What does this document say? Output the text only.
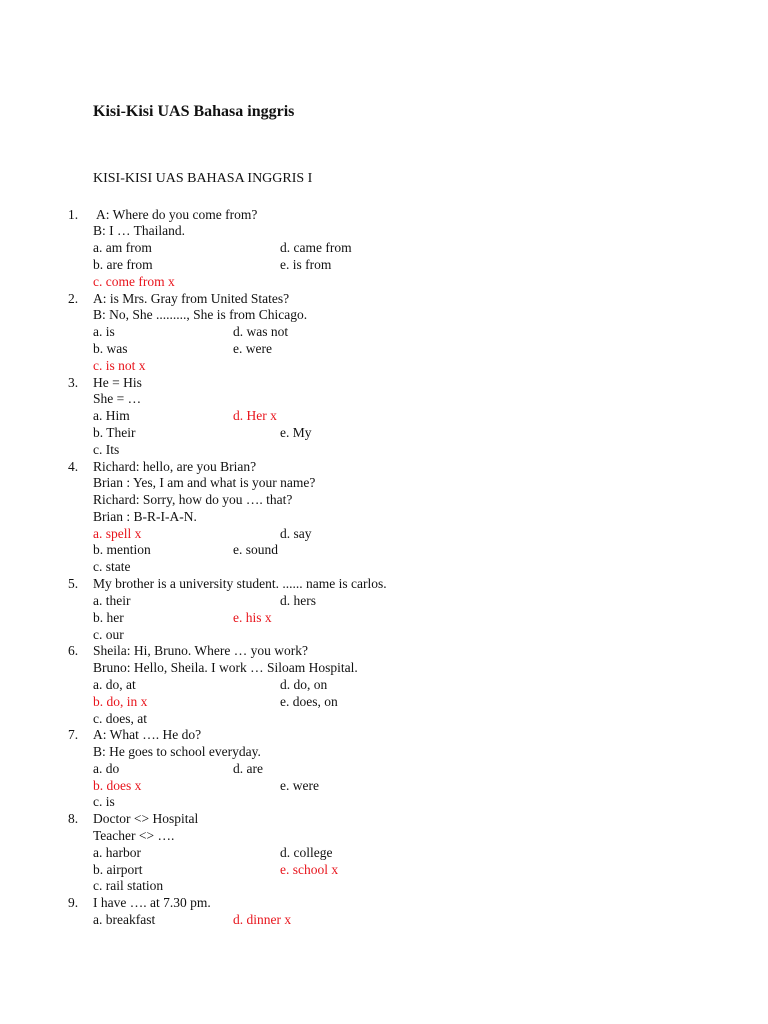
Kisi-Kisi UAS Bahasa inggris
KISI-KISI UAS BAHASA INGGRIS I
1. A: Where do you come from?
B: I … Thailand.
a. am from	d. came from
b. are from	e. is from
c. come from x
2. A: is Mrs. Gray from United States?
B: No, She ........., She is from Chicago.
a. is	d. was not
b. was	e. were
c. is not x
3. He = His
She = …
a. Him	d. Her x
b. Their	e. My
c. Its
4. Richard: hello, are you Brian?
Brian : Yes, I am and what is your name?
Richard: Sorry, how do you …. that?
Brian : B-R-I-A-N.
a. spell x	d. say
b. mention	e. sound
c. state
5. My brother is a university student. ...... name is carlos.
a. their	d. hers
b. her	e. his x
c. our
6. Sheila: Hi, Bruno. Where … you work?
Bruno: Hello, Sheila. I work … Siloam Hospital.
a. do, at	d. do, on
b. do, in x	e. does, on
c. does, at
7. A: What …. He do?
B: He goes to school everyday.
a. do	d. are
b. does x	e. were
c. is
8. Doctor <> Hospital
Teacher <> ….
a. harbor	d. college
b. airport	e. school x
c. rail station
9. I have …. at 7.30 pm.
a. breakfast	d. dinner x
